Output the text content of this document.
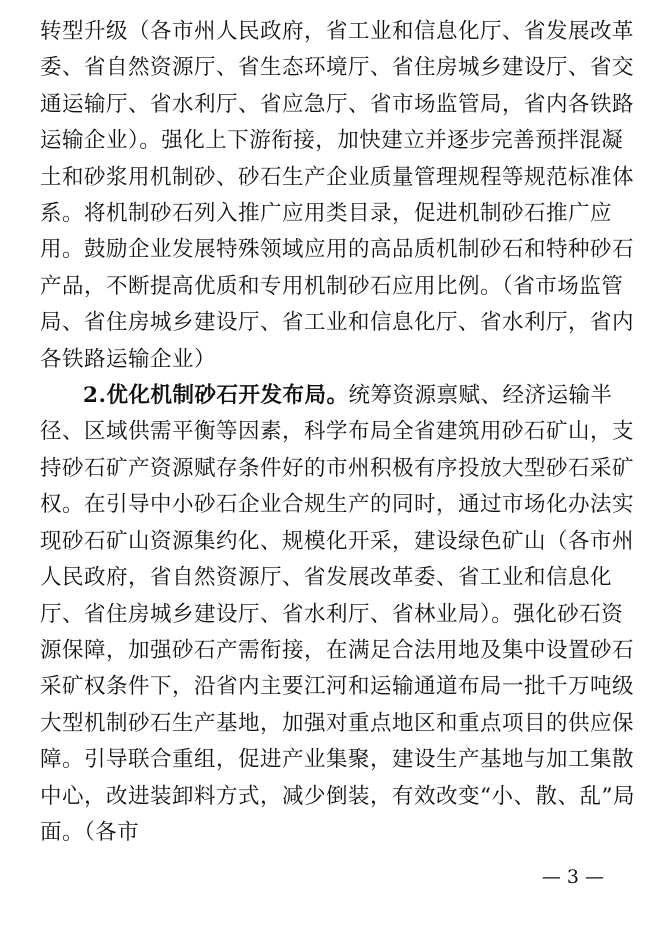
转型升级（各市州人民政府，省工业和信息化厅、省发展改革委、省自然资源厅、省生态环境厅、省住房城乡建设厅、省交通运输厅、省水利厅、省应急厅、省市场监管局，省内各铁路运输企业）。强化上下游衔接，加快建立并逐步完善预拌混凝土和砂浆用机制砂、砂石生产企业质量管理规程等规范标准体系。将机制砂石列入推广应用类目录，促进机制砂石推广应用。鼓励企业发展特殊领域应用的高品质机制砂石和特种砂石产品，不断提高优质和专用机制砂石应用比例。（省市场监管局、省住房城乡建设厅、省工业和信息化厅、省水利厅，省内各铁路运输企业）

2.优化机制砂石开发布局。统筹资源禀赋、经济运输半径、区域供需平衡等因素，科学布局全省建筑用砂石矿山，支持砂石矿产资源赋存条件好的市州积极有序投放大型砂石采矿权。在引导中小砂石企业合规生产的同时，通过市场化办法实现砂石矿山资源集约化、规模化开采，建设绿色矿山（各市州人民政府，省自然资源厅、省发展改革委、省工业和信息化厅、省住房城乡建设厅、省水利厅、省林业局）。强化砂石资源保障，加强砂石产需衔接，在满足合法用地及集中设置砂石采矿权条件下，沿省内主要江河和运输通道布局一批千万吨级大型机制砂石生产基地，加强对重点地区和重点项目的供应保障。引导联合重组，促进产业集聚，建设生产基地与加工集散中心，改进装卸料方式，减少倒装，有效改变“小、散、乱”局面。（各市

— 3 —
